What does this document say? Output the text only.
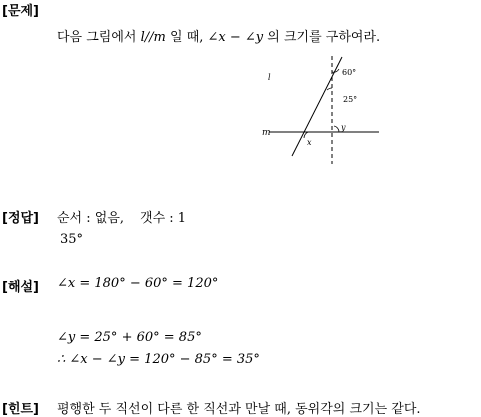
[문제]
다음 그림에서 l//m 일 때, ∠x − ∠y 의 크기를 구하여라.
l
m
60°
25°
y
x
[정답] 순서 : 없음, 갯수 : 1
35°
[해설] ∠x = 180° − 60° = 120°
∠y = 25° + 60° = 85°
∴ ∠x − ∠y = 120° − 85° = 35°
[힌트] 평행한 두 직선이 다른 한 직선과 만날 때, 동위각의 크기는 같다.
